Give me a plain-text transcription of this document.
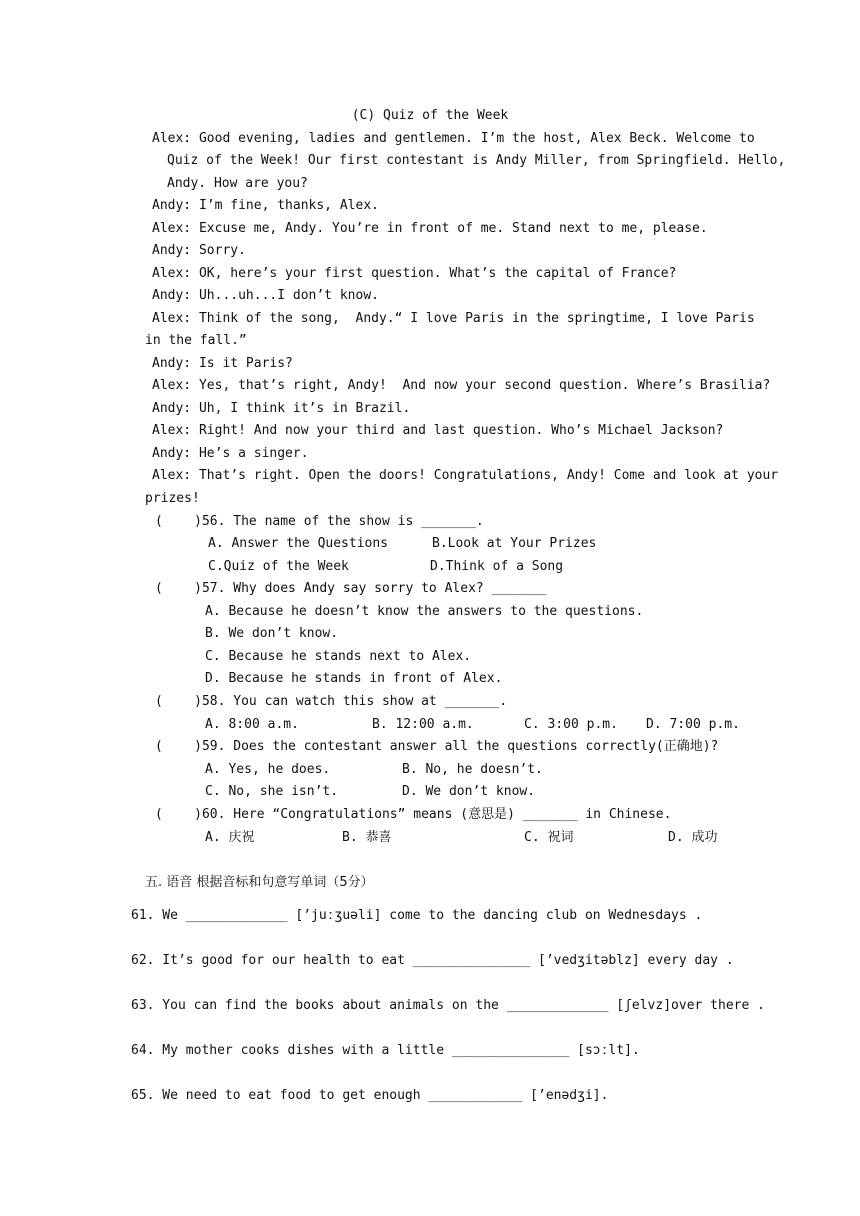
(C) Quiz of the Week
Alex: Good evening, ladies and gentlemen. I’m the host, Alex Beck. Welcome to
Quiz of the Week! Our first contestant is Andy Miller, from Springfield. Hello,
Andy. How are you?
Andy: I’m fine, thanks, Alex.
Alex: Excuse me, Andy. You’re in front of me. Stand next to me, please.
Andy: Sorry.
Alex: OK, here’s your first question. What’s the capital of France?
Andy: Uh...uh...I don’t know.
Alex: Think of the song,  Andy.“ I love Paris in the springtime, I love Paris
in the fall.”
Andy: Is it Paris?
Alex: Yes, that’s right, Andy!  And now your second question. Where’s Brasilia?
Andy: Uh, I think it’s in Brazil.
Alex: Right! And now your third and last question. Who’s Michael Jackson?
Andy: He’s a singer.
Alex: That’s right. Open the doors! Congratulations, Andy! Come and look at your
prizes!
(    )56. The name of the show is _______.
A. Answer the Questions	B.Look at Your Prizes
C.Quiz of the Week	D.Think of a Song
(    )57. Why does Andy say sorry to Alex? _______
A. Because he doesn’t know the answers to the questions.
B. We don’t know.
C. Because he stands next to Alex.
D. Because he stands in front of Alex.
(    )58. You can watch this show at _______.
A. 8:00 a.m.	B. 12:00 a.m.	C. 3:00 p.m. D. 7:00 p.m.
(    )59. Does the contestant answer all the questions correctly(正确地)?
A. Yes, he does.	B. No, he doesn’t.
C. No, she isn’t.	D. We don’t know.
(    )60. Here “Congratulations” means (意思是) _______ in Chinese.
A. 庆祝	B. 恭喜	C. 祝词	D. 成功
五. 语音 根据音标和句意写单词（5分）
61. We _____________ [’juːʒuəli] come to the dancing club on Wednesdays .
62. It’s good for our health to eat _______________ [’vedʒitəblz] every day .
63. You can find the books about animals on the _____________ [ʃelvz]over there .
64. My mother cooks dishes with a little _______________ [sɔːlt].
65. We need to eat food to get enough ____________ [’enədʒi].
